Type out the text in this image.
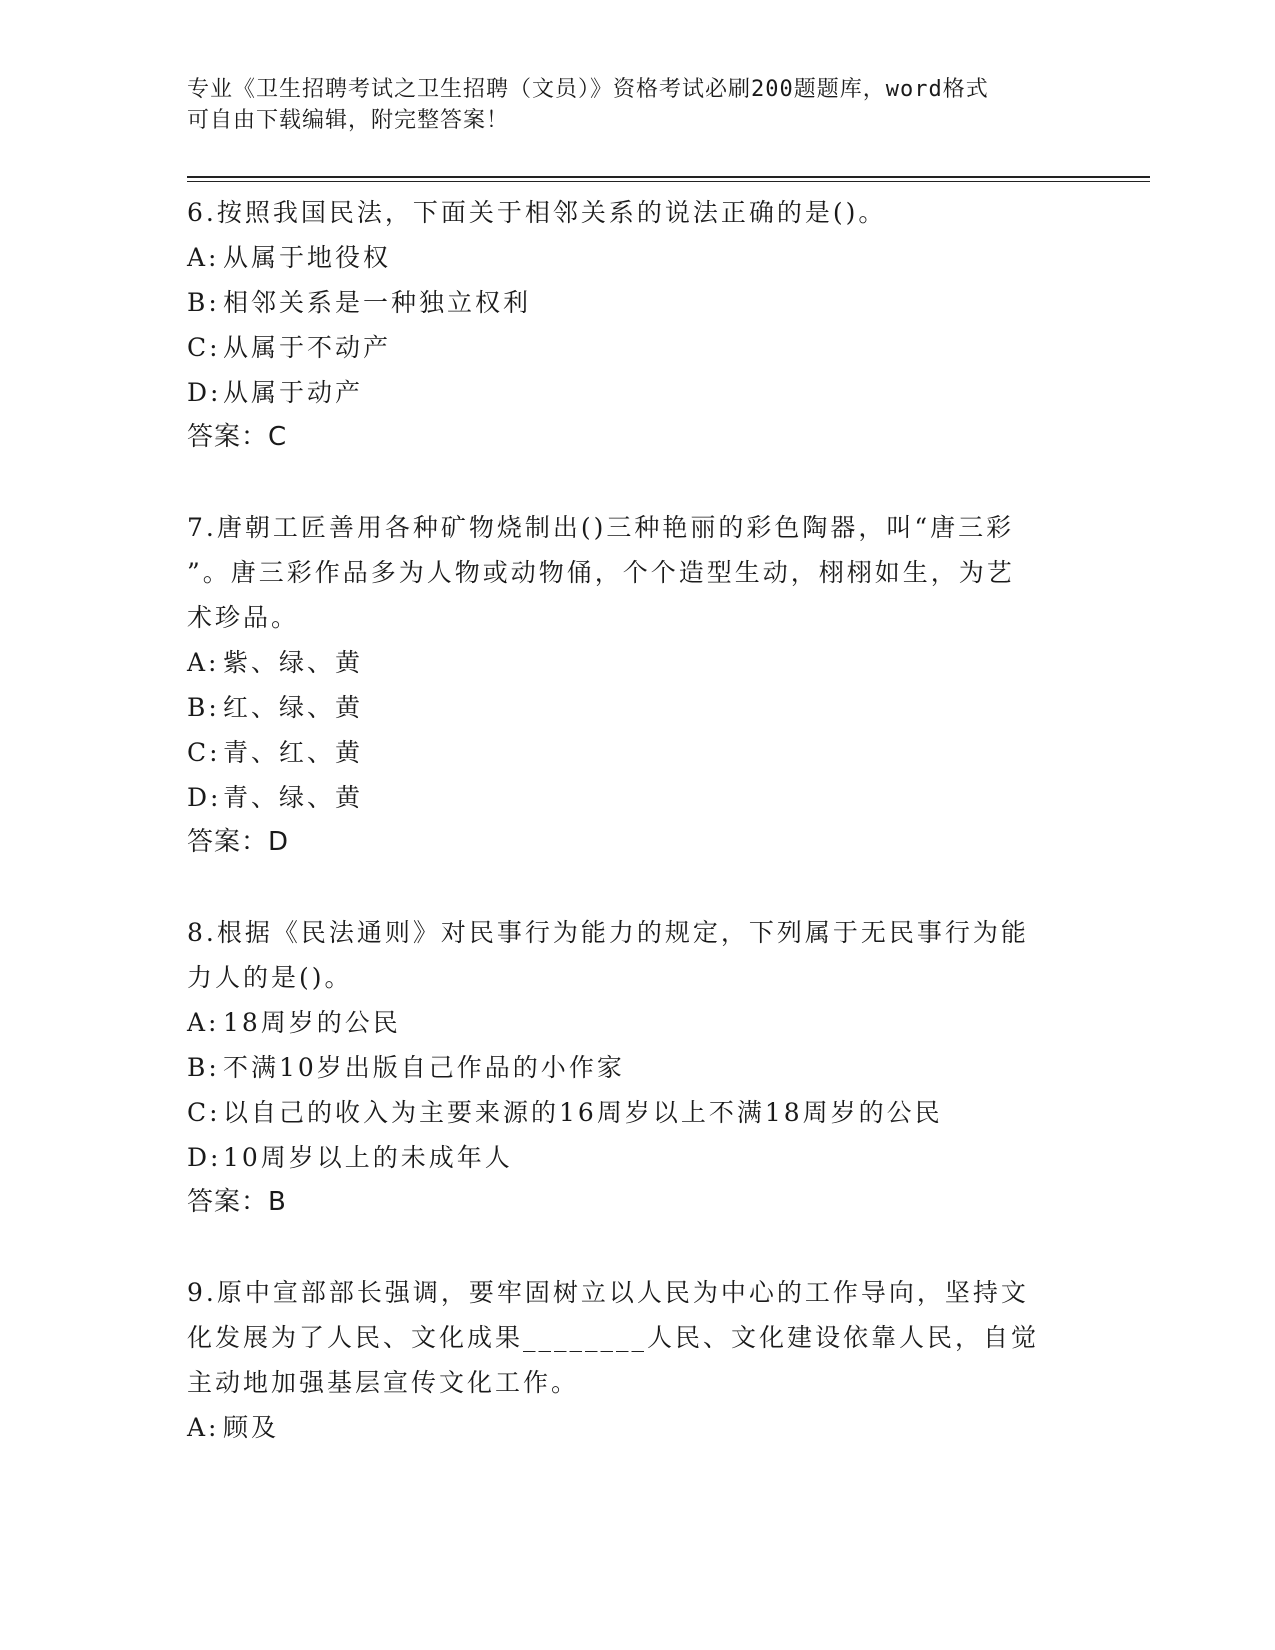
专业《卫生招聘考试之卫生招聘（文员）》资格考试必刷200题题库，word格式
可自由下载编辑，附完整答案！
6.按照我国民法，下面关于相邻关系的说法正确的是()。
A: 从属于地役权
B: 相邻关系是一种独立权利
C:从属于不动产
D:从属于动产
答案：C
7.唐朝工匠善用各种矿物烧制出()三种艳丽的彩色陶器，叫“唐三彩
”。唐三彩作品多为人物或动物俑，个个造型生动，栩栩如生，为艺
术珍品。
A: 紫、绿、黄
B: 红、绿、黄
C:青、红、黄
D:青、绿、黄
答案：D
8.根据《民法通则》对民事行为能力的规定，下列属于无民事行为能
力人的是()。
A: 18周岁的公民
B: 不满10岁出版自己作品的小作家
C:以自己的收入为主要来源的16周岁以上不满18周岁的公民
D:10周岁以上的未成年人
答案：B
9.原中宣部部长强调，要牢固树立以人民为中心的工作导向，坚持文
化发展为了人民、文化成果________人民、文化建设依靠人民，自觉
主动地加强基层宣传文化工作。
A: 顾及
